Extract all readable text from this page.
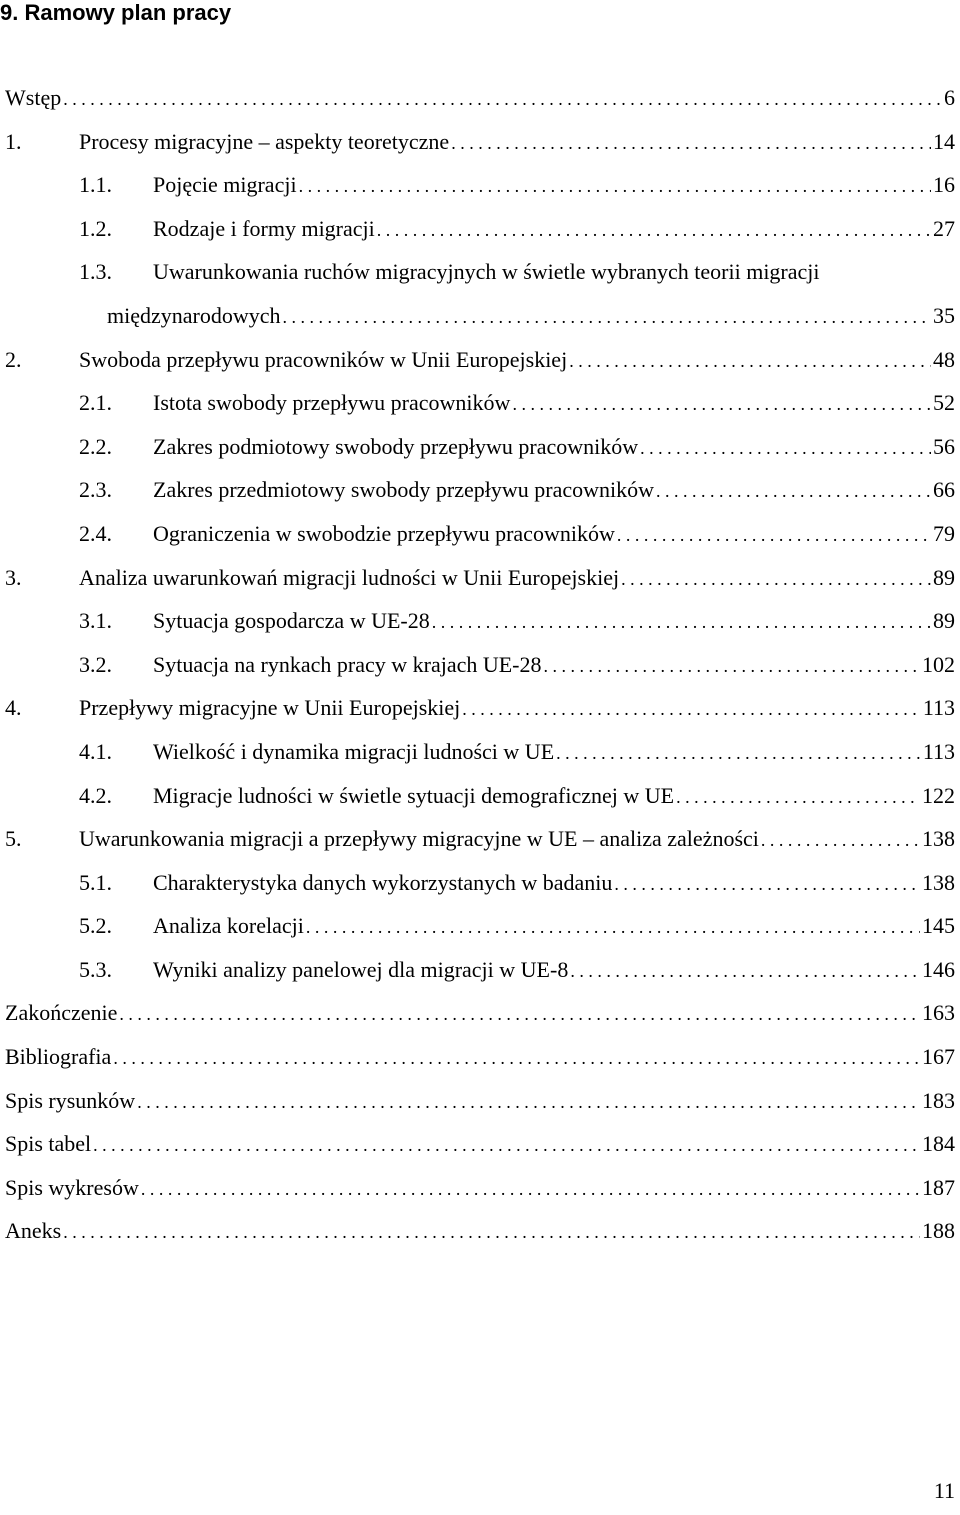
9. Ramowy plan pracy
Wstęp . . .	6
1.	Procesy migracyjne – aspekty teoretyczne . . .	14
1.1. Pojęcie migracji . . .	16
1.2. Rodzaje i formy migracji . . .	27
1.3. Uwarunkowania ruchów migracyjnych w świetle wybranych teorii migracji
międzynarodowych . . .	35
2.	Swoboda przepływu pracowników w Unii Europejskiej . . .	48
2.1. Istota swobody przepływu pracowników . . .	52
2.2. Zakres podmiotowy swobody przepływu pracowników . . .	56
2.3. Zakres przedmiotowy swobody przepływu pracowników . . .	66
2.4. Ograniczenia w swobodzie przepływu pracowników . . .	79
3.	Analiza uwarunkowań migracji ludności w Unii Europejskiej . . .	89
3.1. Sytuacja gospodarcza w UE-28 . . .	89
3.2. Sytuacja na rynkach pracy w krajach UE-28 . . .	102
4.	Przepływy migracyjne w Unii Europejskiej . . .	113
4.1. Wielkość i dynamika migracji ludności w UE . . .	113
4.2. Migracje ludności w świetle sytuacji demograficznej w UE . . .	122
5.	Uwarunkowania migracji a przepływy migracyjne w UE – analiza zależności . . .	138
5.1. Charakterystyka danych wykorzystanych w badaniu . . .	138
5.2. Analiza korelacji . . .	145
5.3. Wyniki analizy panelowej dla migracji w UE-8 . . .	146
Zakończenie . . .	163
Bibliografia . . .	167
Spis rysunków . . .	183
Spis tabel . . .	184
Spis wykresów . . .	187
Aneks . . .	188
11
